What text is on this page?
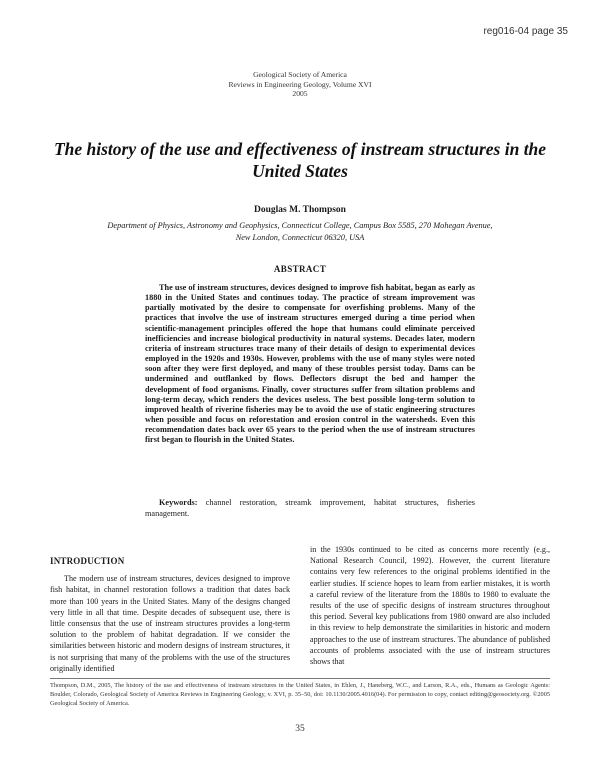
reg016-04 page 35
Geological Society of America
Reviews in Engineering Geology, Volume XVI
2005
The history of the use and effectiveness of instream structures in the United States
Douglas M. Thompson
Department of Physics, Astronomy and Geophysics, Connecticut College, Campus Box 5585, 270 Mohegan Avenue,
New London, Connecticut 06320, USA
ABSTRACT

The use of instream structures, devices designed to improve fish habitat, began as early as 1880 in the United States and continues today. The practice of stream improvement was partially motivated by the desire to compensate for overfishing problems. Many of the practices that involve the use of instream structures emerged during a time period when scientific-management principles offered the hope that humans could eliminate perceived inefficiencies and increase biological productivity in natural systems. Decades later, modern criteria of instream structures trace many of their details of design to experimental devices employed in the 1920s and 1930s. However, problems with the use of many styles were noted soon after they were first deployed, and many of these troubles persist today. Dams can be undermined and outflanked by flows. Deflectors disrupt the bed and hamper the development of food organisms. Finally, cover structures suffer from siltation problems and long-term decay, which renders the devices useless. The best possible long-term solution to improved health of riverine fisheries may be to avoid the use of static engineering structures when possible and focus on reforestation and erosion control in the watersheds. Even this recommendation dates back over 65 years to the period when the use of instream structures first began to flourish in the United States.

Keywords: channel restoration, streamk improvement, habitat structures, fisheries management.

INTRODUCTION

The modern use of instream structures, devices designed to improve fish habitat, in channel restoration follows a tradition that dates back more than 100 years in the United States. Many of the designs changed very little in all that time. Despite decades of subsequent use, there is little consensus that the use of instream structures provides a long-term solution to the problem of habitat degradation. If we consider the similarities between historic and modern designs of instream structures, it is not surprising that many of the problems with the use of the structures originally identified

in the 1930s continued to be cited as concerns more recently (e.g., National Research Council, 1992). However, the current literature contains very few references to the original problems identified in the earlier studies. If science hopes to learn from earlier mistakes, it is worth a careful review of the literature from the 1880s to 1980 to evaluate the results of the use of specific designs of instream structures throughout this period. Several key publications from 1980 onward are also included in this review to help demonstrate the similarities in historic and modern approaches to the use of instream structures. The abundance of published accounts of problems associated with the use of instream structures shows that

Thompson, D.M., 2005, The history of the use and effectiveness of instream structures in the United States, in Ehlen, J., Haneberg, W.C., and Larson, R.A., eds., Humans as Geologic Agents: Boulder, Colorado, Geological Society of America Reviews in Engineering Geology, v. XVI, p. 35–50, doi: 10.1130/2005.4016(04). For permission to copy, contact editing@geosociety.org. ©2005 Geological Society of America.

35
